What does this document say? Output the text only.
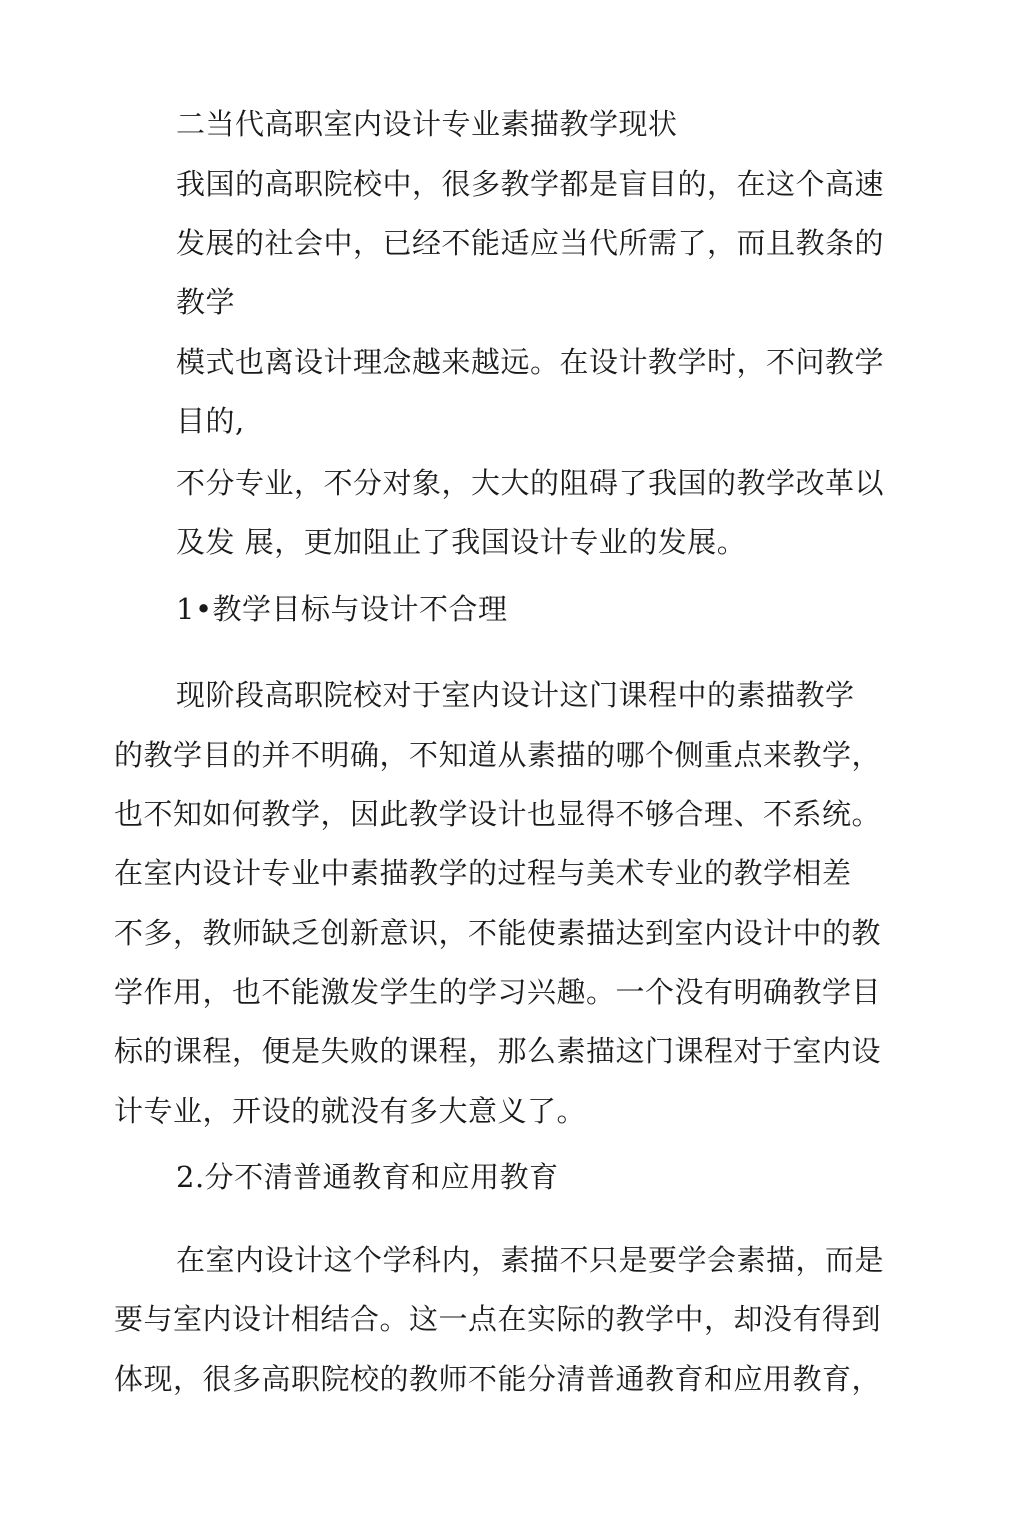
二当代高职室内设计专业素描教学现状
我国的高职院校中，很多教学都是盲目的，在这个高速
发展的社会中，已经不能适应当代所需了，而且教条的
教学
模式也离设计理念越来越远。在设计教学时，不问教学
目的,
不分专业，不分对象，大大的阻碍了我国的教学改革以
及发 展，更加阻止了我国设计专业的发展。
1•教学目标与设计不合理
现阶段高职院校对于室内设计这门课程中的素描教学
的教学目的并不明确，不知道从素描的哪个侧重点来教学，
也不知如何教学，因此教学设计也显得不够合理、不系统。
在室内设计专业中素描教学的过程与美术专业的教学相差
不多，教师缺乏创新意识，不能使素描达到室内设计中的教
学作用，也不能激发学生的学习兴趣。一个没有明确教学目
标的课程，便是失败的课程，那么素描这门课程对于室内设
计专业，开设的就没有多大意义了。
2.分不清普通教育和应用教育
在室内设计这个学科内，素描不只是要学会素描，而是
要与室内设计相结合。这一点在实际的教学中，却没有得到
体现，很多高职院校的教师不能分清普通教育和应用教育，
